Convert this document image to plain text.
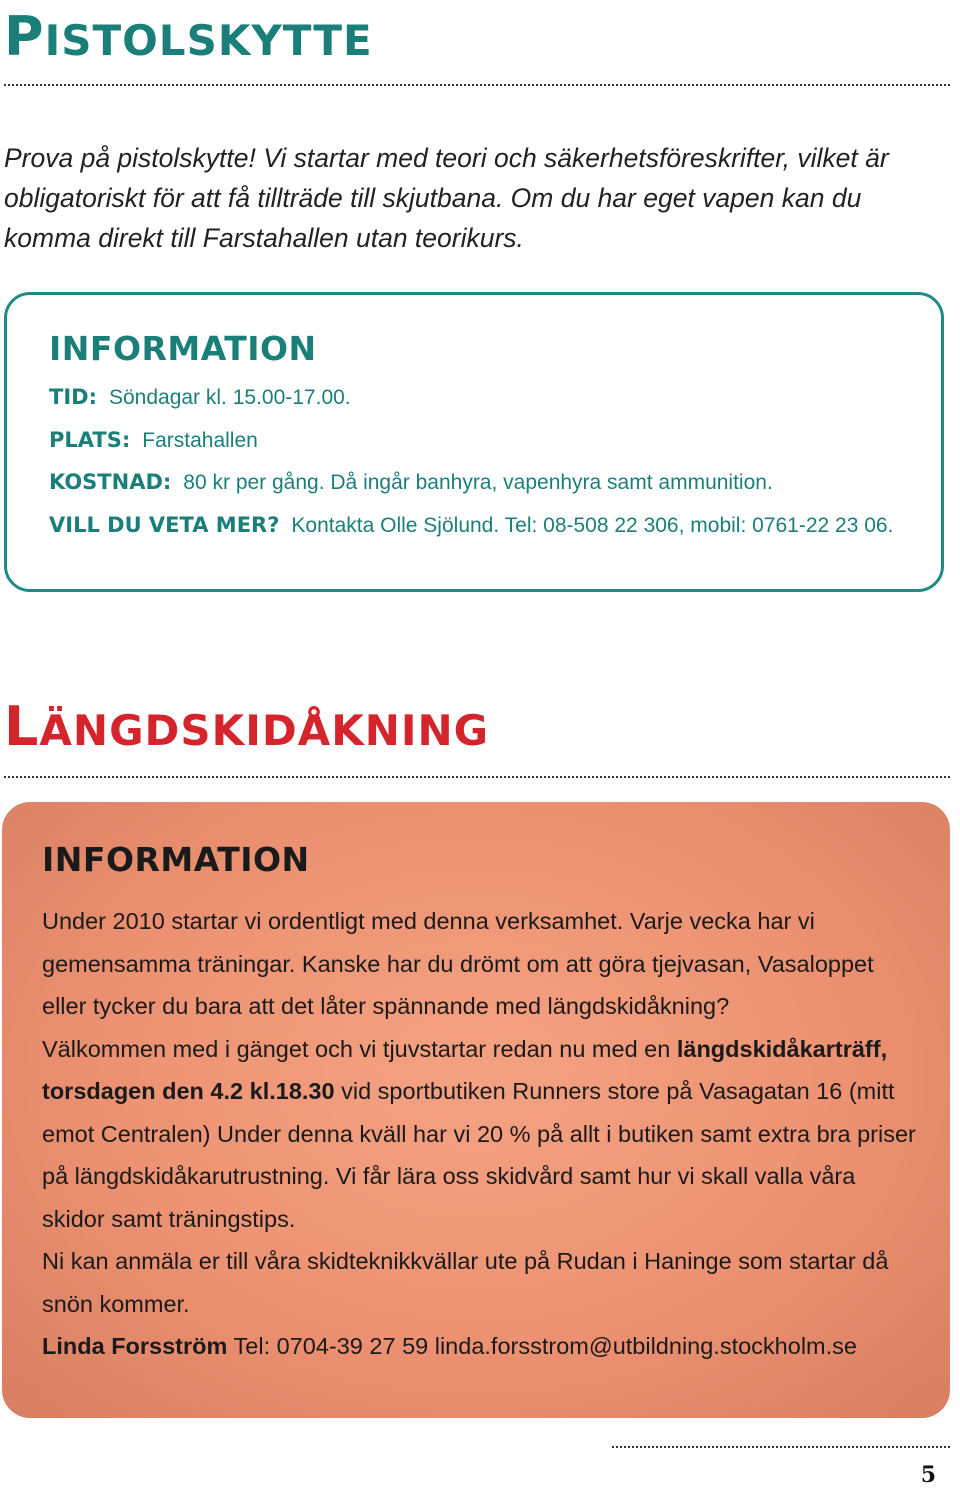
PISTOLSKYTTE
Prova på pistolskytte! Vi startar med teori och säkerhetsföreskrifter, vilket är obligatoriskt för att få tillträde till skjutbana. Om du har eget vapen kan du komma direkt till Farstahallen utan teorikurs.
INFORMATION
TID: Söndagar kl. 15.00-17.00.
PLATS: Farstahallen
KOSTNAD: 80 kr per gång. Då ingår banhyra, vapenhyra samt ammunition.
VILL DU VETA MER? Kontakta Olle Sjölund. Tel: 08-508 22 306, mobil: 0761-22 23 06.
LÄNGDSKIDÅKNING
INFORMATION

Under 2010 startar vi ordentligt med denna verksamhet. Varje vecka har vi gemensamma träningar. Kanske har du drömt om att göra tjejvasan, Vasaloppet eller tycker du bara att det låter spännande med längdskidåkning?

Välkommen med i gänget och vi tjuvstartar redan nu med en längdskidåkarträff, torsdagen den 4.2 kl.18.30 vid sportbutiken Runners store på Vasagatan 16 (mitt emot Centralen) Under denna kväll har vi 20 % på allt i butiken samt extra bra priser på längdskidåkarutrustning. Vi får lära oss skidvård samt hur vi skall valla våra skidor samt träningstips.

Ni kan anmäla er till våra skidteknikkvällar ute på Rudan i Haninge som startar då snön kommer.

Linda Forsström Tel: 0704-39 27 59 linda.forsstrom@utbildning.stockholm.se

5
